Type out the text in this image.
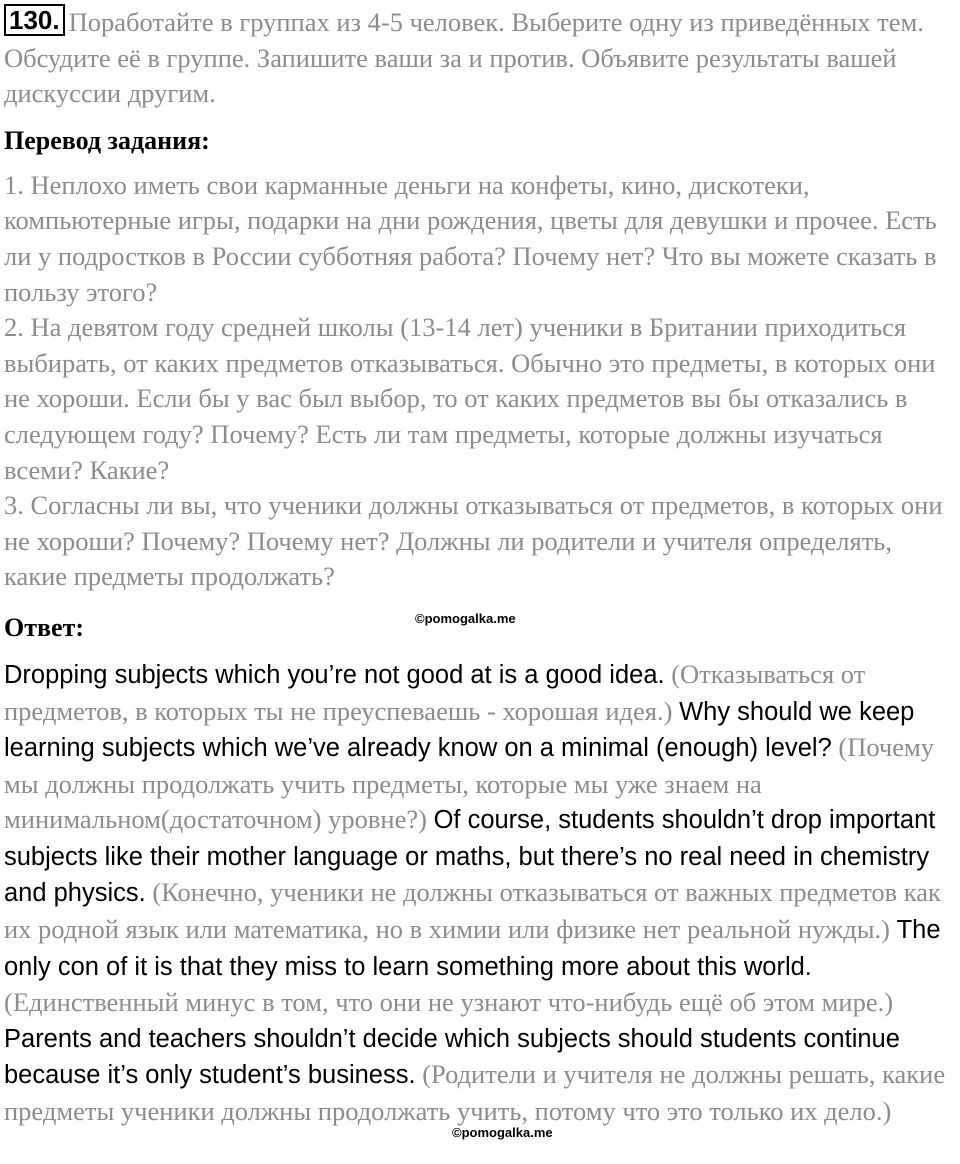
130. Поработайте в группах из 4-5 человек. Выберите одну из приведённых тем. Обсудите её в группе. Запишите ваши за и против. Объявите результаты вашей дискуссии другим.

Перевод задания:

1. Неплохо иметь свои карманные деньги на конфеты, кино, дискотеки, компьютерные игры, подарки на дни рождения, цветы для девушки и прочее. Есть ли у подростков в России субботняя работа? Почему нет? Что вы можете сказать в пользу этого?

2. На девятом году средней школы (13-14 лет) ученики в Британии приходиться выбирать, от каких предметов отказываться. Обычно это предметы, в которых они не хороши. Если бы у вас был выбор, то от каких предметов вы бы отказались в следующем году? Почему? Есть ли там предметы, которые должны изучаться всеми? Какие?

3. Согласны ли вы, что ученики должны отказываться от предметов, в которых они не хороши? Почему? Почему нет? Должны ли родители и учителя определять, какие предметы продолжать?

Ответ:	©pomogalka.me

Dropping subjects which you’re not good at is a good idea. (Отказываться от предметов, в которых ты не преуспеваешь - хорошая идея.) Why should we keep learning subjects which we’ve already know on a minimal (enough) level? (Почему мы должны продолжать учить предметы, которые мы уже знаем на минимальном(достаточном) уровне?) Of course, students shouldn’t drop important subjects like their mother language or maths, but there’s no real need in chemistry and physics. (Конечно, ученики не должны отказываться от важных предметов как их родной язык или математика, но в химии или физике нет реальной нужды.) The only con of it is that they miss to learn something more about this world. (Единственный минус в том, что они не узнают что-нибудь ещё об этом мире.) Parents and teachers shouldn’t decide which subjects should students continue because it’s only student’s business. (Родители и учителя не должны решать, какие предметы ученики должны продолжать учить, потому что это только их дело.)

©pomogalka.me
